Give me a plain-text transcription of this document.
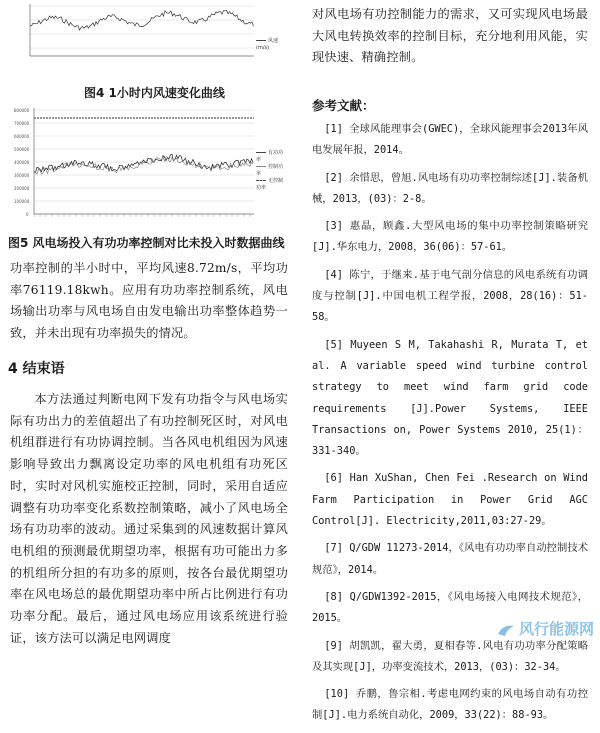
风速(m/s)
图4 1小时内风速变化曲线
800000
700000
600000
500000
400000
300000
200000
100000
0
有功功率
控制功率
无控制功率
图5 风电场投入有功功率控制对比未投入时数据曲线

功率控制的半小时中，平均风速8.72m/s，平均功率76119.18kwh。应用有功功率控制系统，风电场输出功率与风电场自由发电输出功率整体趋势一致，并未出现有功率损失的情况。

4 结束语

本方法通过判断电网下发有功指令与风电场实际有功出力的差值超出了有功控制死区时，对风电机组群进行有功协调控制。当各风电机组因为风速影响导致出力飘离设定功率的风电机组有功死区时，实时对风机实施校正控制，同时，采用自适应调整有功功率变化系数控制策略，减小了风电场全场有功功率的波动。通过采集到的风速数据计算风电机组的预测最优期望功率，根据有功可能出力多的机组所分担的有功多的原则，按各台最优期望功率在风电场总的最优期望功率中所占比例进行有功功率分配。最后，通过风电场应用该系统进行验证，该方法可以满足电网调度

对风电场有功控制能力的需求，又可实现风电场最大风电转换效率的控制目标，充分地利用风能，实现快速、精确控制。

参考文献：

[1] 全球风能理事会(GWEC)，全球风能理事会2013年风电发展年报，2014。

[2] 余惜思，曾旭.风电场有功功率控制综述[J].装备机械，2013，(03)：2-8。

[3] 惠晶，顾鑫.大型风电场的集中功率控制策略研究[J].华东电力，2008，36(06)：57-61。

[4] 陈宁，于继来.基于电气剖分信息的风电系统有功调度与控制[J].中国电机工程学报，2008，28(16)：51-58。

[5] Muyeen S M, Takahashi R, Murata T, et al. A variable speed wind turbine control strategy to meet wind farm grid code requirements [J].Power Systems, IEEE Transactions on, Power Systems 2010, 25(1)：331-340。

[6] Han XuShan, Chen Fei .Research on Wind Farm Participation in Power Grid AGC Control[J]. Electricity,2011,03:27-29。

[7] Q/GDW 11273-2014，《风电有功功率自动控制技术规范》，2014。

[8] Q/GDW1392-2015，《风电场接入电网技术规范》，2015。

[9] 胡凯凯，翟大勇，夏相春等.风电有功功率分配策略及其实现[J]，功率变流技术，2013，(03)：32-34。

[10] 乔鹏，鲁宗相.考虑电网约束的风电场自动有功控制[J].电力系统自动化，2009，33(22)：88-93。

风行能源网
